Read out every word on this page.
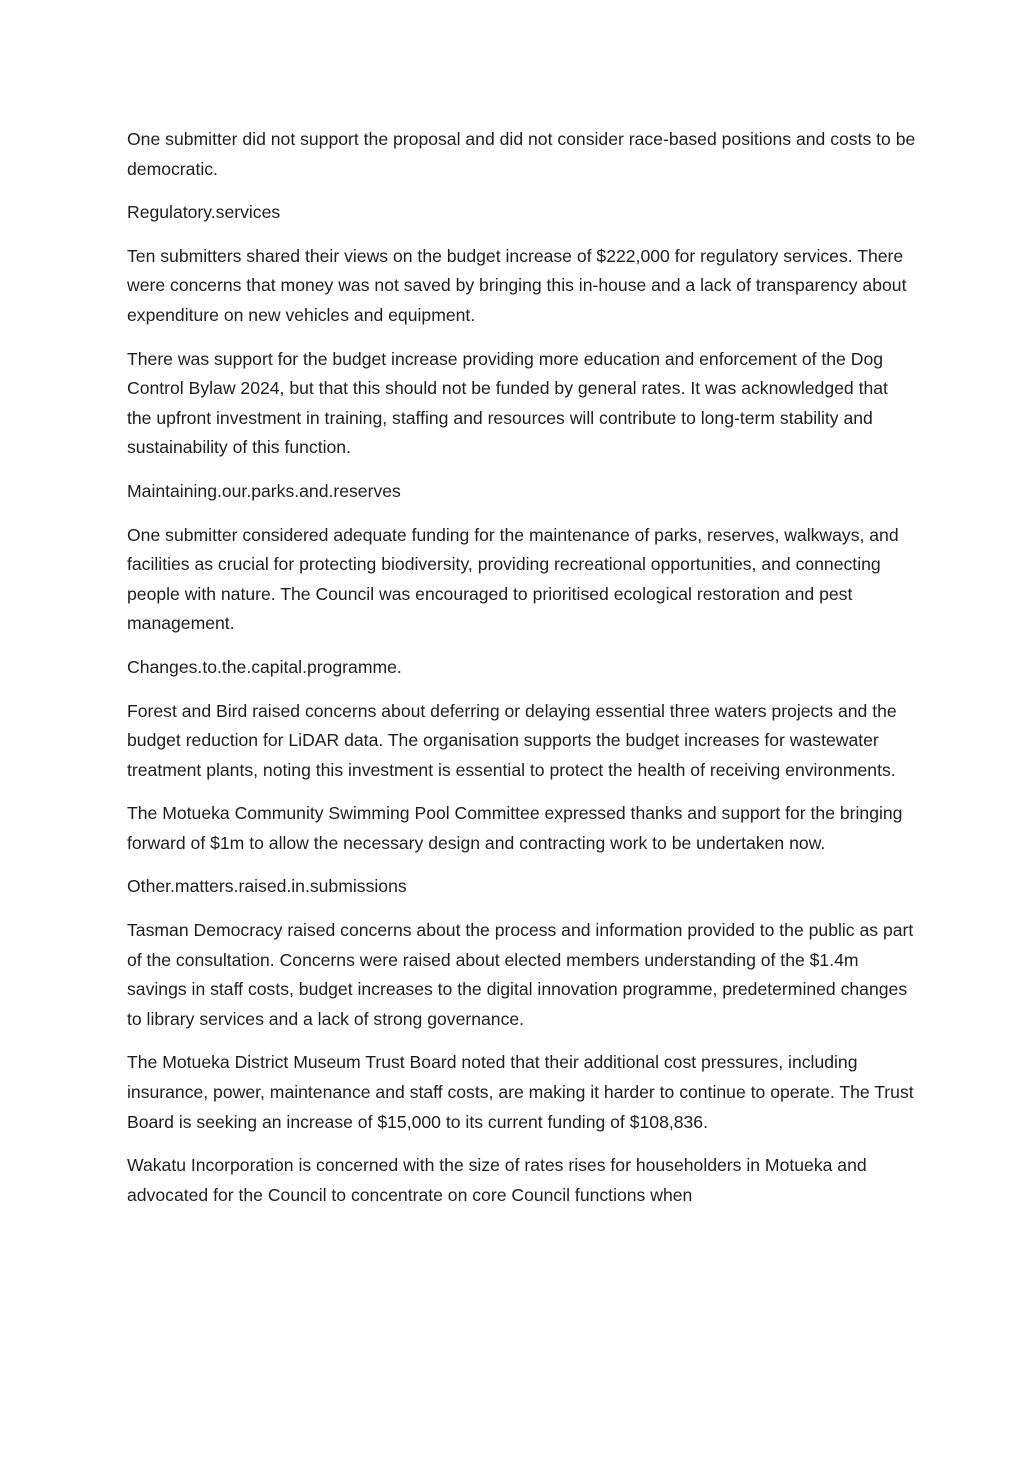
One submitter did not support the proposal and did not consider race-based positions and costs to be democratic.

Regulatory.services

Ten submitters shared their views on the budget increase of $222,000 for regulatory services. There were concerns that money was not saved by bringing this in-house and a lack of transparency about expenditure on new vehicles and equipment.

There was support for the budget increase providing more education and enforcement of the Dog Control Bylaw 2024, but that this should not be funded by general rates. It was acknowledged that the upfront investment in training, staffing and resources will contribute to long-term stability and sustainability of this function.

Maintaining.our.parks.and.reserves

One submitter considered adequate funding for the maintenance of parks, reserves, walkways, and facilities as crucial for protecting biodiversity, providing recreational opportunities, and connecting people with nature. The Council was encouraged to prioritised ecological restoration and pest management.

Changes.to.the.capital.programme.

Forest and Bird raised concerns about deferring or delaying essential three waters projects and the budget reduction for LiDAR data. The organisation supports the budget increases for wastewater treatment plants, noting this investment is essential to protect the health of receiving environments.

The Motueka Community Swimming Pool Committee expressed thanks and support for the bringing forward of $1m to allow the necessary design and contracting work to be undertaken now.

Other.matters.raised.in.submissions

Tasman Democracy raised concerns about the process and information provided to the public as part of the consultation. Concerns were raised about elected members understanding of the $1.4m savings in staff costs, budget increases to the digital innovation programme, predetermined changes to library services and a lack of strong governance.

The Motueka District Museum Trust Board noted that their additional cost pressures, including insurance, power, maintenance and staff costs, are making it harder to continue to operate. The Trust Board is seeking an increase of $15,000 to its current funding of $108,836.

Wakatu Incorporation is concerned with the size of rates rises for householders in Motueka and advocated for the Council to concentrate on core Council functions when
